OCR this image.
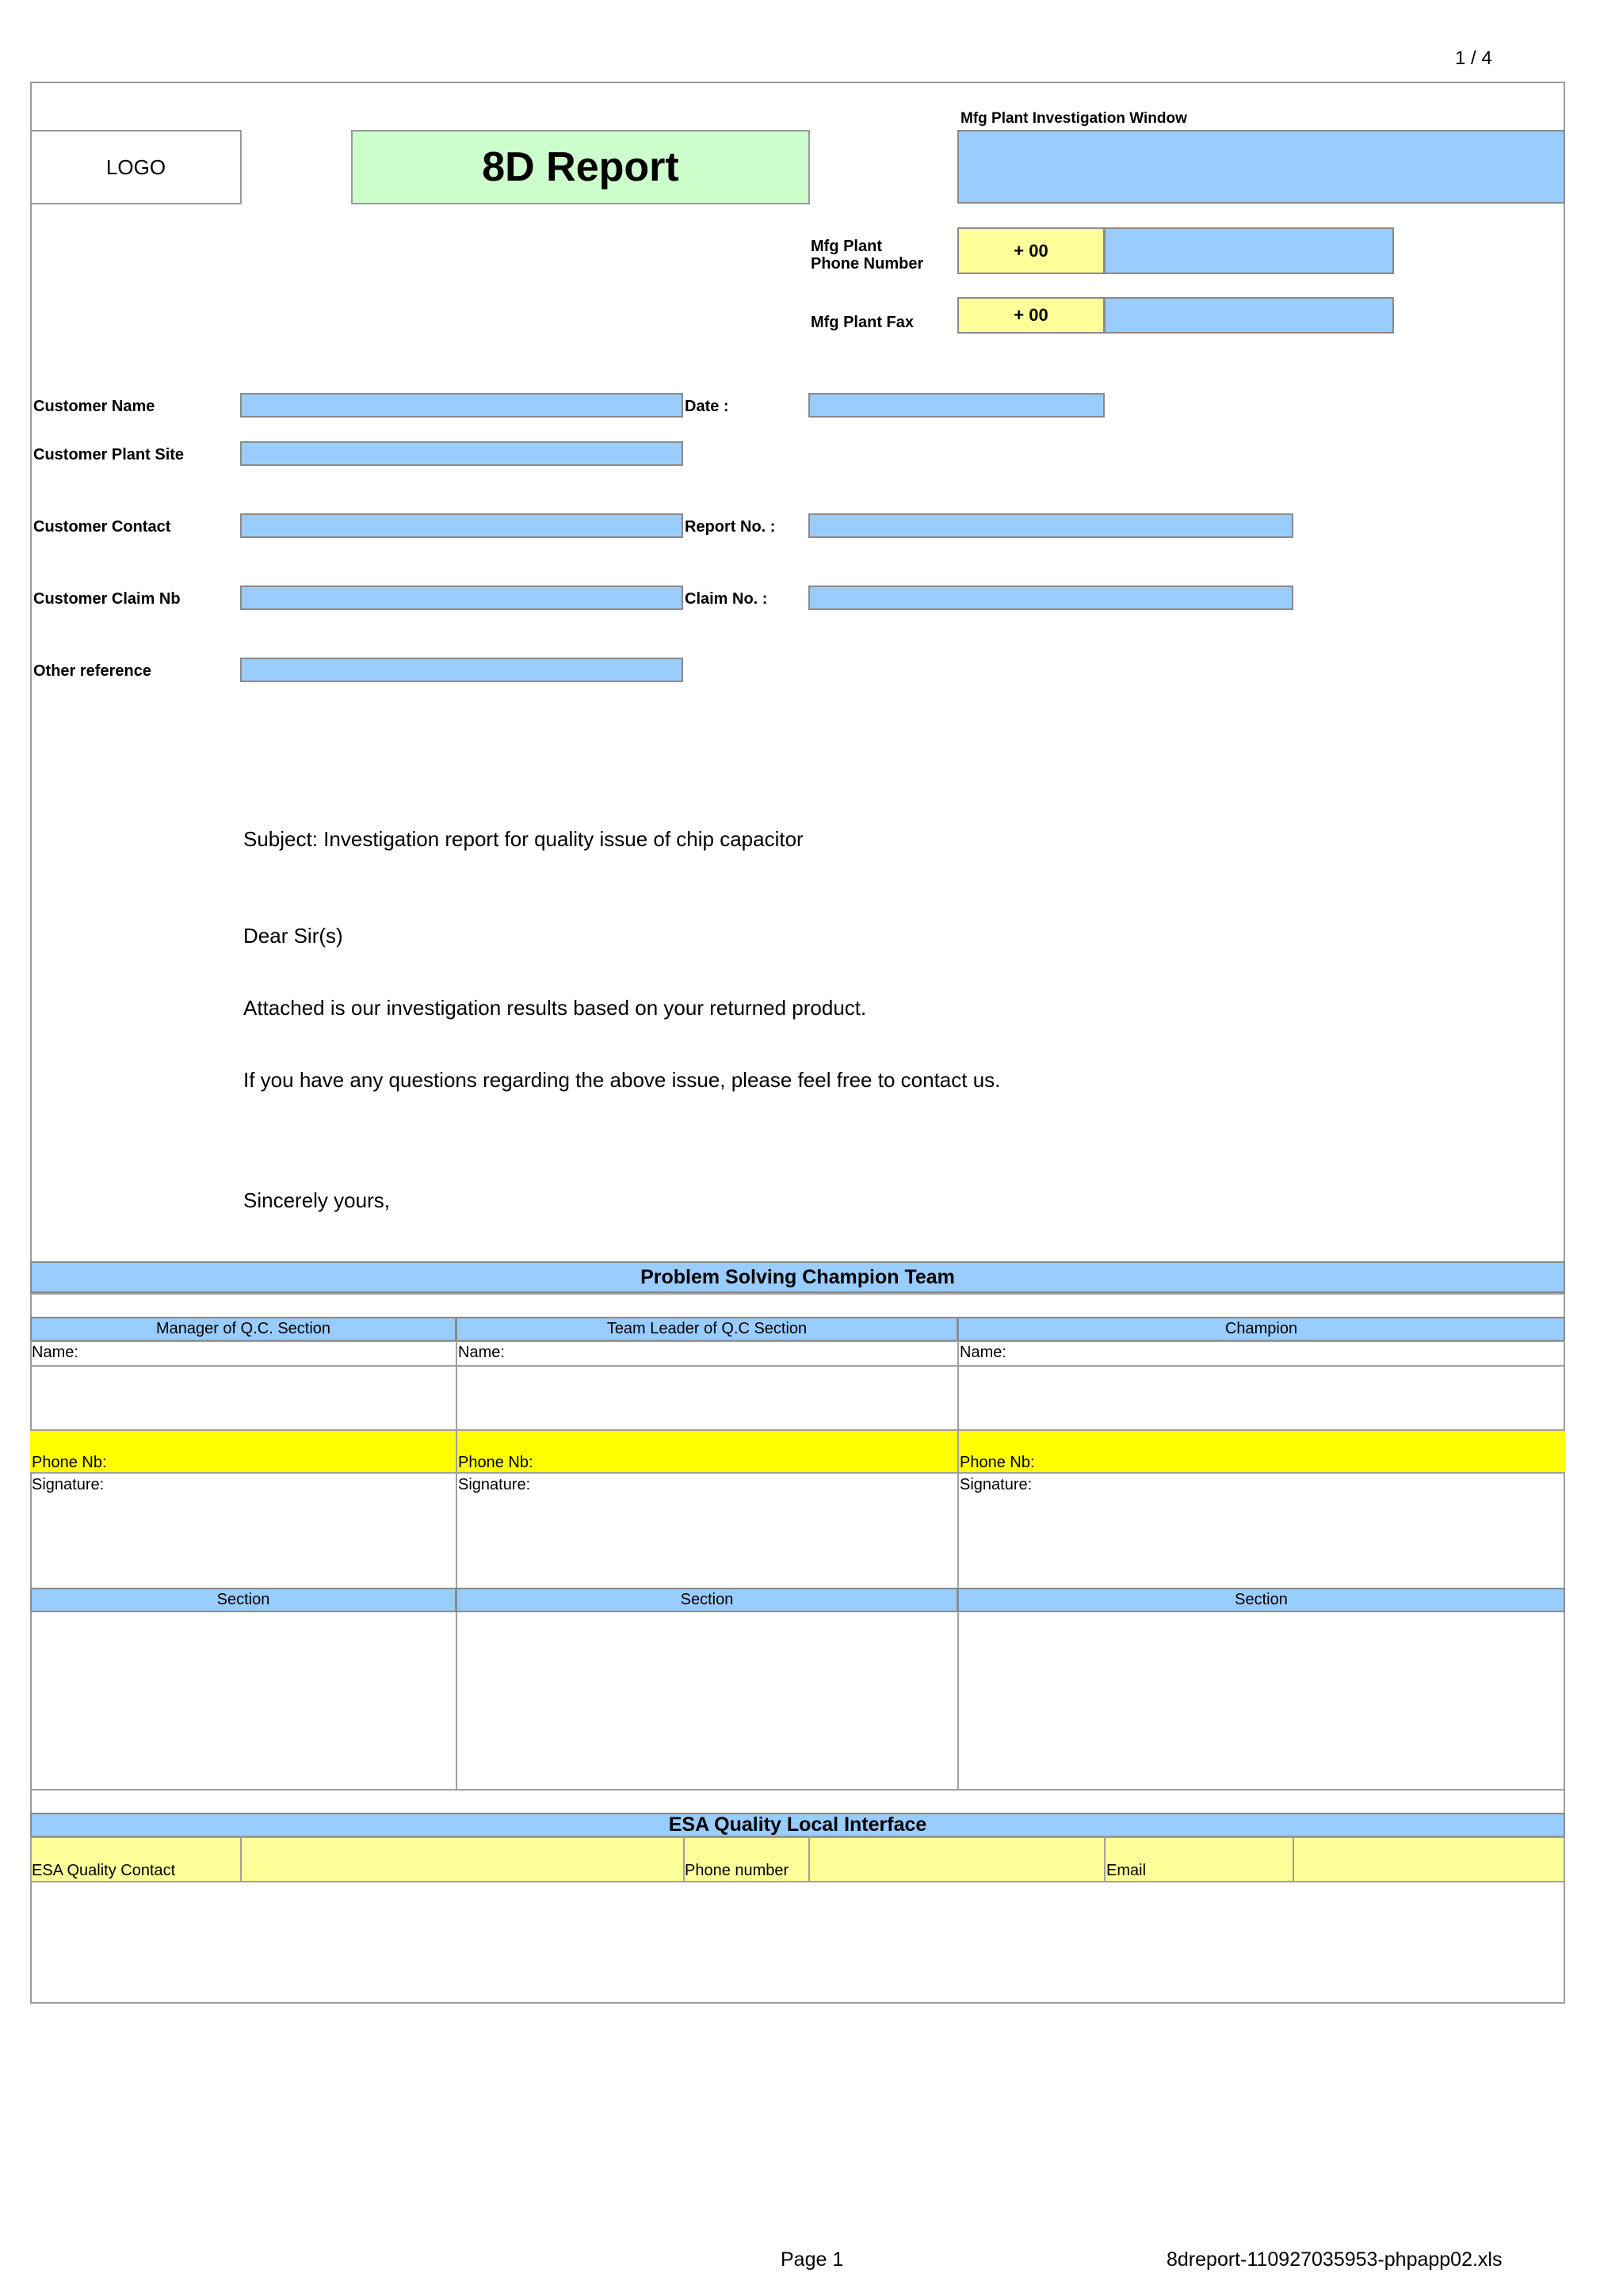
1 / 4
LOGO	8D Report
Mfg Plant Investigation Window
Mfg Plant
Phone Number
+ 00
Mfg Plant Fax	+ 00
Customer Name	Date :
Customer Plant Site
Customer Contact	Report No. :
Customer Claim Nb	Claim No. :
Other reference
Subject: Investigation report for quality issue of chip capacitor
Dear Sir(s)
Attached is our investigation results based on your returned product.
If you have any questions regarding the above issue, please feel free to contact us.
Sincerely yours,
Problem Solving Champion Team
Manager of Q.C. Section	Team Leader of Q.C Section	Champion
Name:	Name:	Name:
Phone Nb:	Phone Nb:	Phone Nb:
Signature:	Signature:	Signature:
Section	Section	Section
ESA Quality Local Interface
ESA Quality Contact	Phone number	Email
Page 1	8dreport-110927035953-phpapp02.xls
